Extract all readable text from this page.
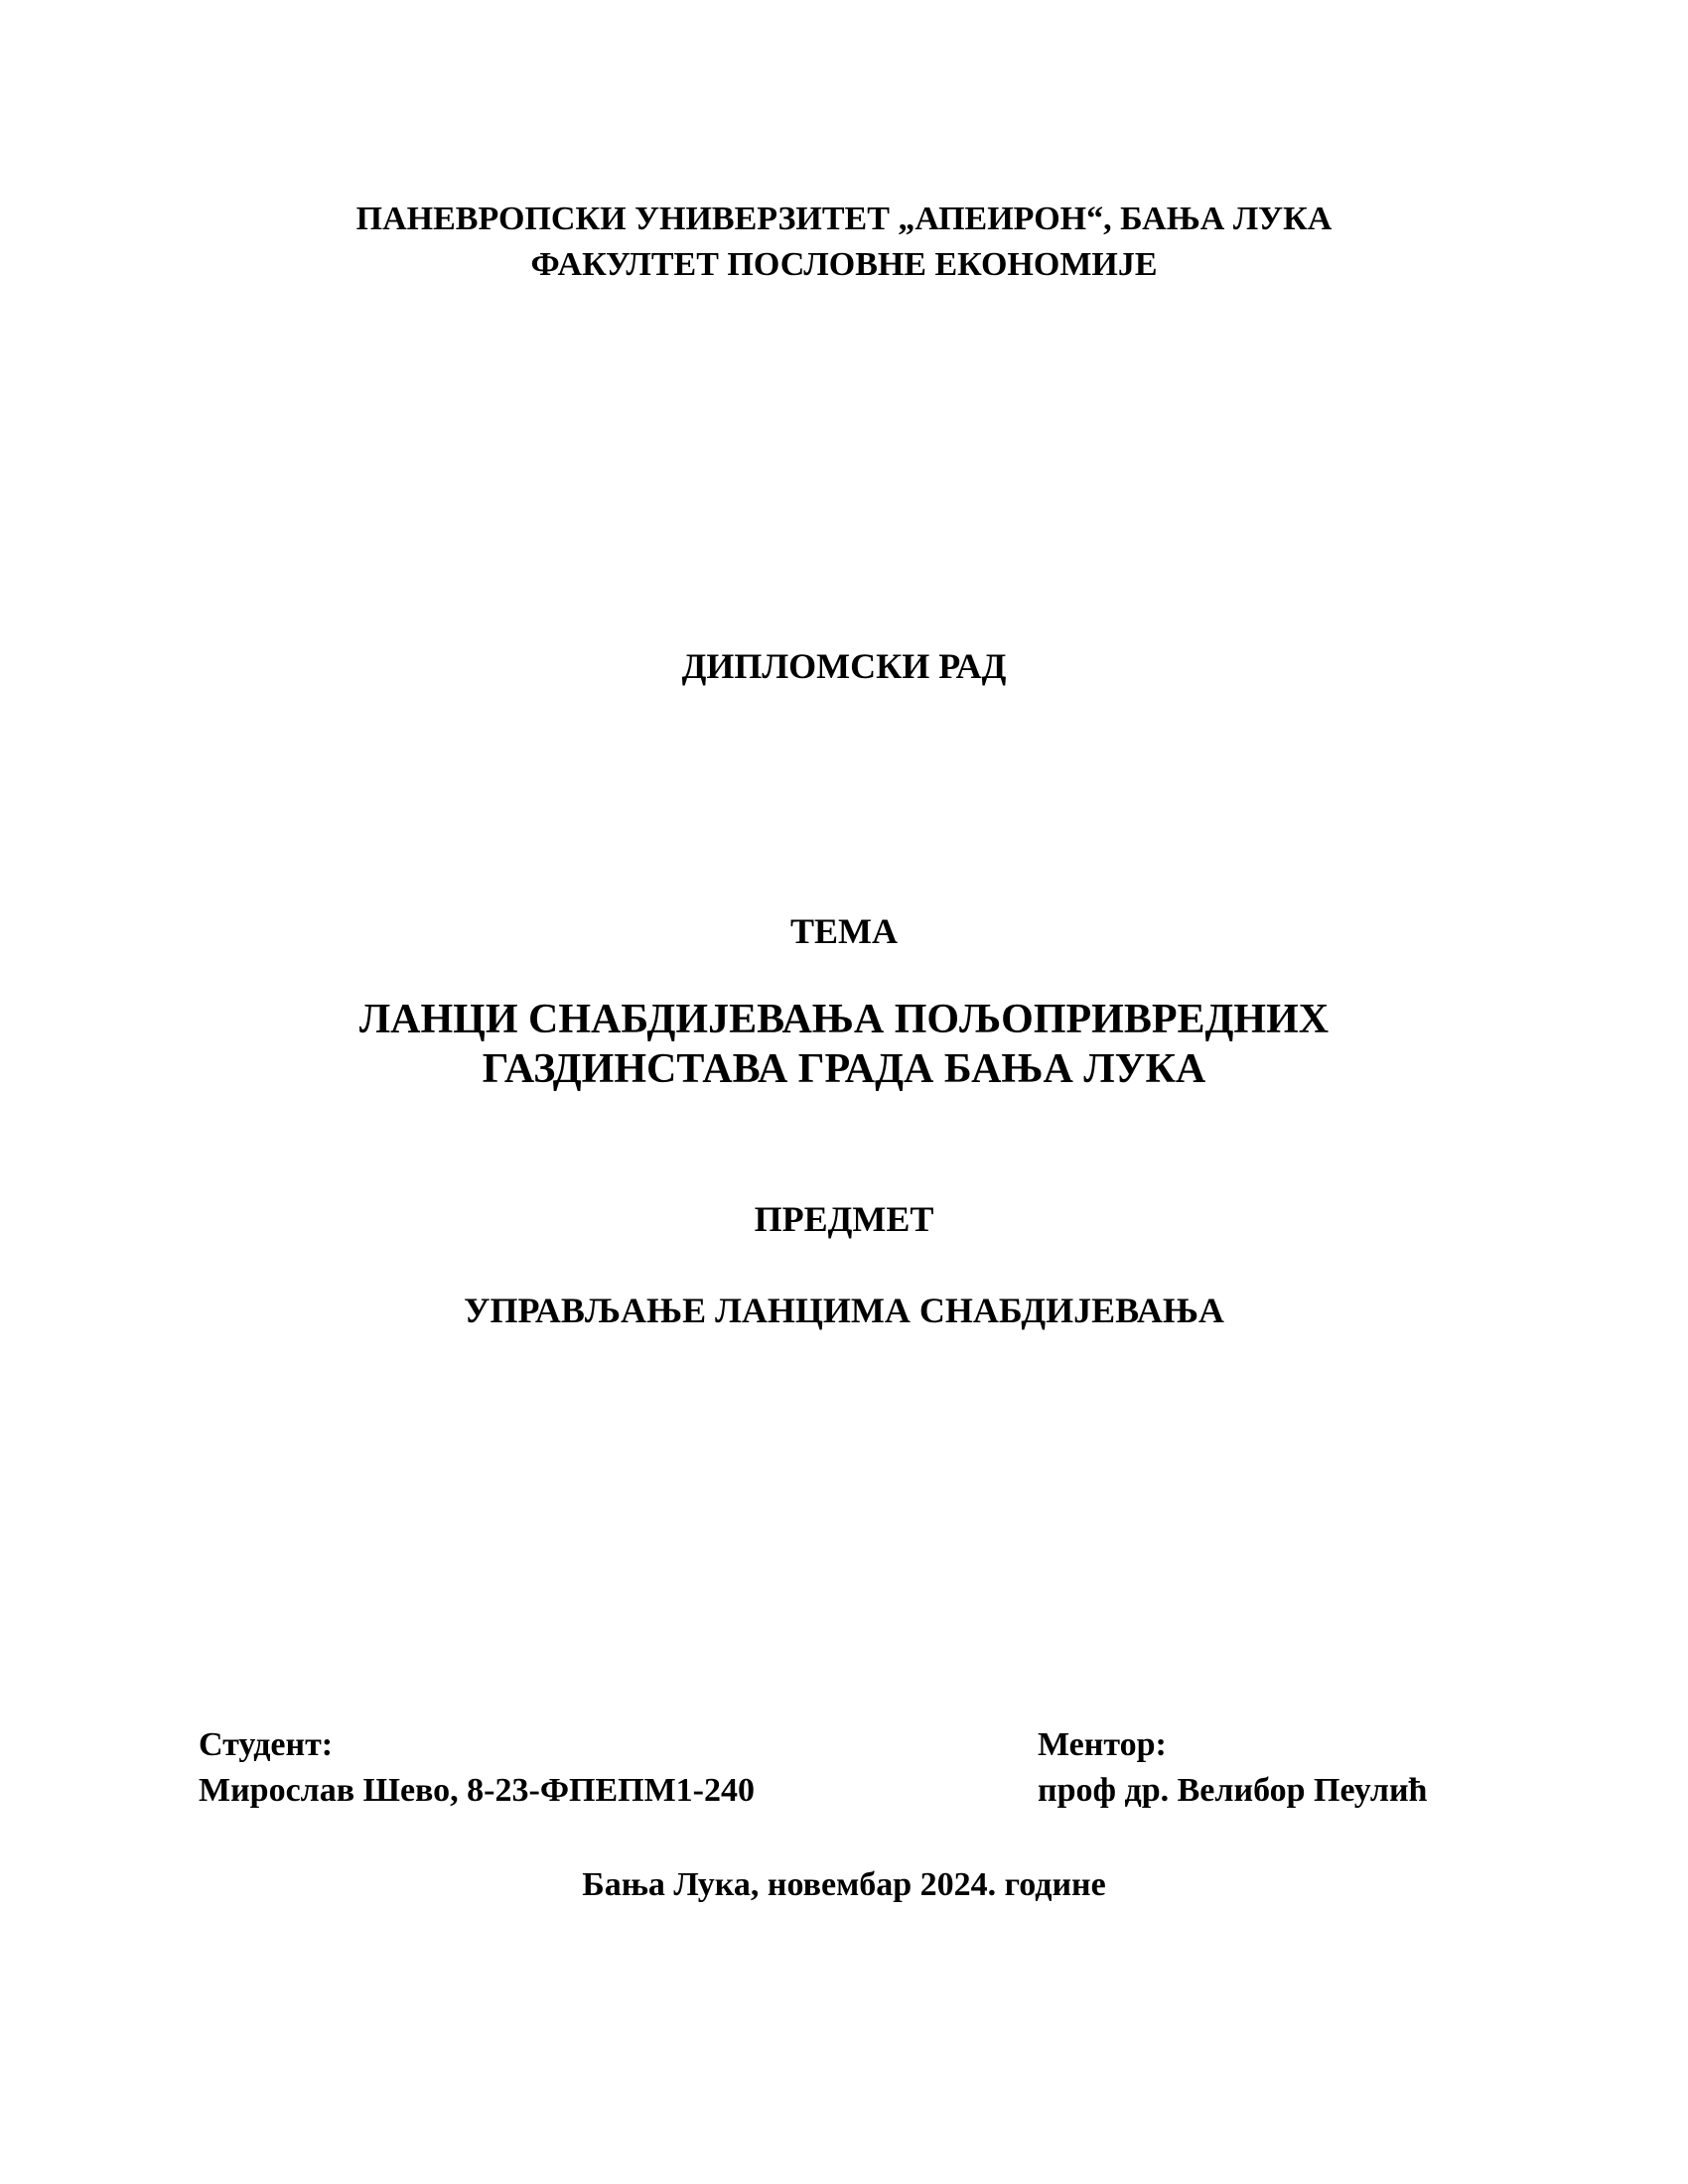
ПАНЕВРОПСКИ УНИВЕРЗИТЕТ „АПЕИРОН“, БАЊА ЛУКА
ФАКУЛТЕТ ПОСЛОВНЕ ЕКОНОМИЈЕ
ДИПЛОМСКИ РАД
ТЕМА
ЛАНЦИ СНАБДИЈЕВАЊА ПОЉОПРИВРЕДНИХ
ГАЗДИНСТАВА ГРАДА БАЊА ЛУКА
ПРЕДМЕТ
УПРАВЉАЊЕ ЛАНЦИМА СНАБДИЈЕВАЊА
Студент:
Мирослав Шево, 8-23-ФПЕПМ1-240
Ментор:
проф др. Велибор Пеулић
Бања Лука, новембар 2024. године
